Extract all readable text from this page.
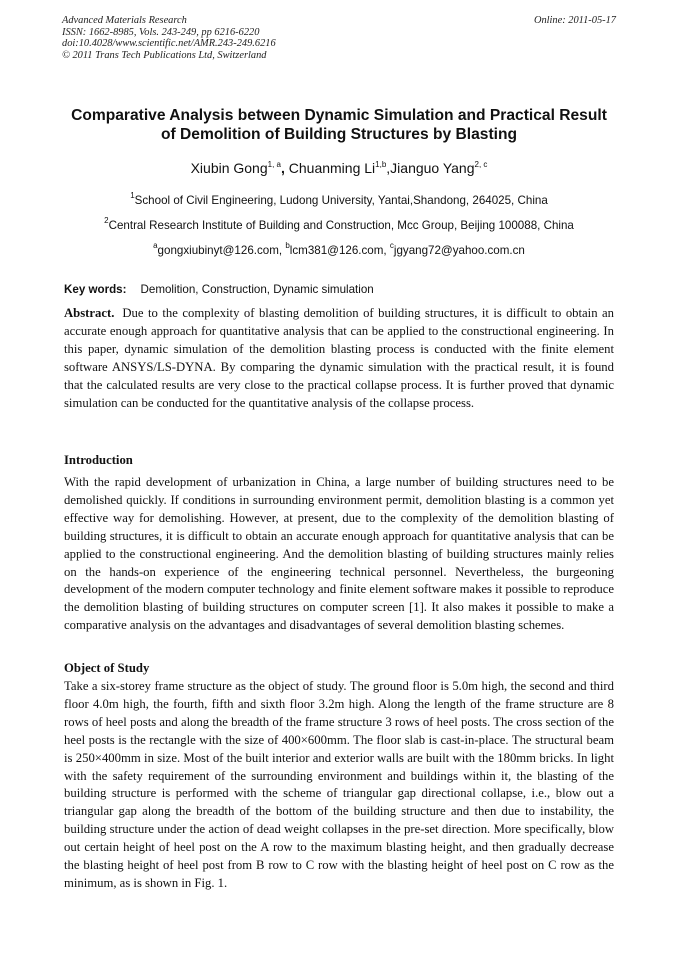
Advanced Materials Research
ISSN: 1662-8985, Vols. 243-249, pp 6216-6220
doi:10.4028/www.scientific.net/AMR.243-249.6216
© 2011 Trans Tech Publications Ltd, Switzerland
Online: 2011-05-17
Comparative Analysis between Dynamic Simulation and Practical Result
of Demolition of Building Structures by Blasting
Xiubin Gong$^{1, a}$, Chuanming Li$^{1,b}$,Jianguo Yang$^{2, c}$
$^1$School of Civil Engineering, Ludong University, Yantai,Shandong, 264025, China
$^2$Central Research Institute of Building and Construction, Mcc Group, Beijing 100088, China
$^a$gongxiubinyt@126.com, $^b$lcm381@126.com, $^c$jgyang72@yahoo.com.cn
Key words: Demolition, Construction, Dynamic simulation
Abstract. Due to the complexity of blasting demolition of building structures, it is difficult to obtain an accurate enough approach for quantitative analysis that can be applied to the constructional engineering. In this paper, dynamic simulation of the demolition blasting process is conducted with the finite element software ANSYS/LS-DYNA. By comparing the dynamic simulation with the practical result, it is found that the calculated results are very close to the practical collapse process. It is further proved that dynamic simulation can be conducted for the quantitative analysis of the collapse process.
Introduction
With the rapid development of urbanization in China, a large number of building structures need to be demolished quickly. If conditions in surrounding environment permit, demolition blasting is a common yet effective way for demolishing. However, at present, due to the complexity of the demolition blasting of building structures, it is difficult to obtain an accurate enough approach for quantitative analysis that can be applied to the constructional engineering. And the demolition blasting of building structures mainly relies on the hands-on experience of the engineering technical personnel. Nevertheless, the burgeoning development of the modern computer technology and finite element software makes it possible to reproduce the demolition blasting of building structures on computer screen [1]. It also makes it possible to make a comparative analysis on the advantages and disadvantages of several demolition blasting schemes.
Object of Study
Take a six-storey frame structure as the object of study. The ground floor is 5.0m high, the second and third floor 4.0m high, the fourth, fifth and sixth floor 3.2m high. Along the length of the frame structure are 8 rows of heel posts and along the breadth of the frame structure 3 rows of heel posts. The cross section of the heel posts is the rectangle with the size of 400×600mm. The floor slab is cast-in-place. The structural beam is 250×400mm in size. Most of the built interior and exterior walls are built with the 180mm bricks. In light with the safety requirement of the surrounding environment and buildings within it, the blasting of the building structure is performed with the scheme of triangular gap directional collapse, i.e., blow out a triangular gap along the breadth of the bottom of the building structure and then due to instability, the building structure under the action of dead weight collapses in the pre-set direction. More specifically, blow out certain height of heel post on the A row to the maximum blasting height, and then gradually decrease the blasting height of heel post from B row to C row with the blasting height of heel post on C row as the minimum, as is shown in Fig. 1.
